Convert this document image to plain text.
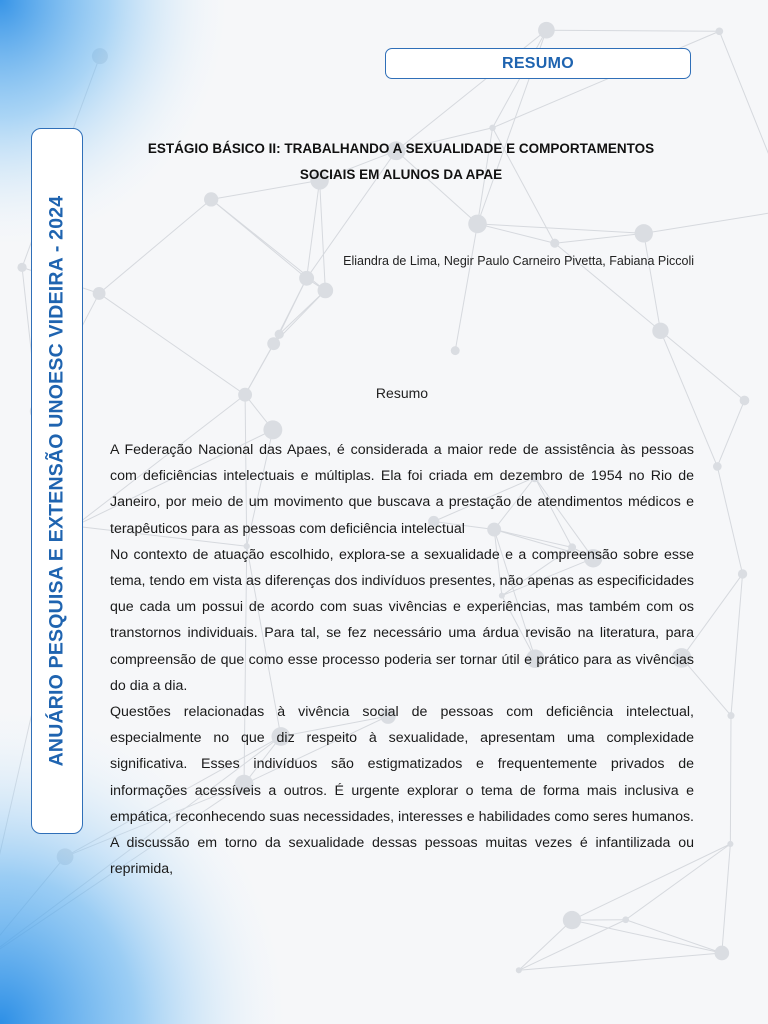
RESUMO
ANUÁRIO PESQUISA E EXTENSÃO UNOESC VIDEIRA - 2024
ESTÁGIO BÁSICO II: TRABALHANDO A SEXUALIDADE E COMPORTAMENTOS
SOCIAIS EM ALUNOS DA APAE
Eliandra de Lima, Negir Paulo Carneiro Pivetta, Fabiana Piccoli
Resumo

A Federação Nacional das Apaes, é considerada a maior rede de assistência às pessoas com deficiências intelectuais e múltiplas. Ela foi criada em dezembro de 1954 no Rio de Janeiro, por meio de um movimento que buscava a prestação de atendimentos médicos e terapêuticos para as pessoas com deficiência intelectual

No contexto de atuação escolhido, explora-se a sexualidade e a compreensão sobre esse tema, tendo em vista as diferenças dos indivíduos presentes, não apenas as especificidades que cada um possui de acordo com suas vivências e experiências, mas também com os transtornos individuais. Para tal, se fez necessário uma árdua revisão na literatura, para compreensão de que como esse processo poderia ser tornar útil e prático para as vivências do dia a dia.

Questões relacionadas à vivência social de pessoas com deficiência intelectual, especialmente no que diz respeito à sexualidade, apresentam uma complexidade significativa. Esses indivíduos são estigmatizados e frequentemente privados de informações acessíveis a outros. É urgente explorar o tema de forma mais inclusiva e empática, reconhecendo suas necessidades, interesses e habilidades como seres humanos. A discussão em torno da sexualidade dessas pessoas muitas vezes é infantilizada ou reprimida,
